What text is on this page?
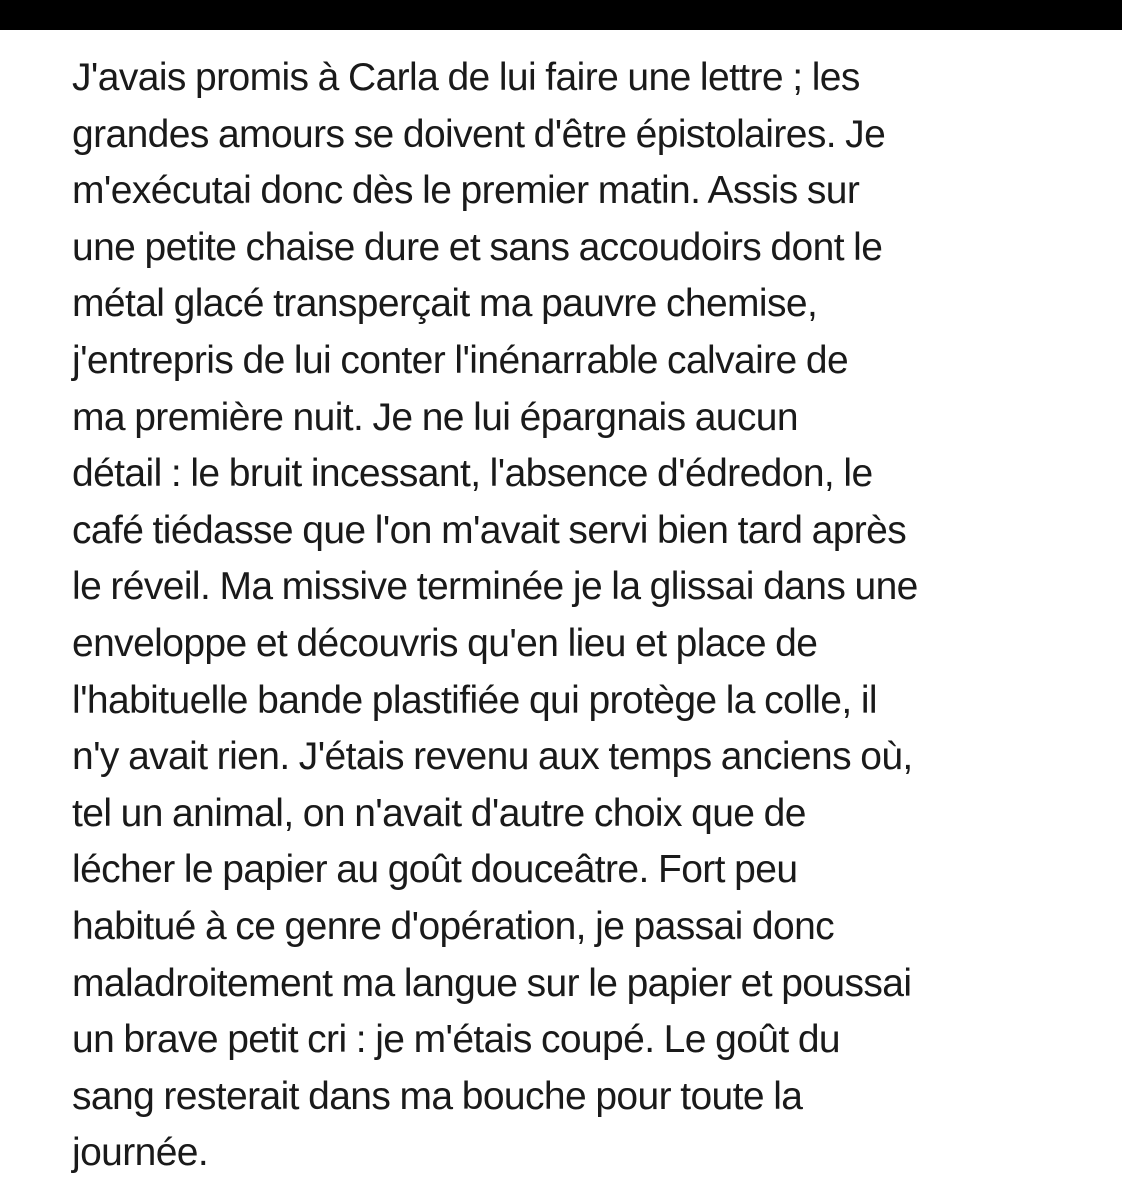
J'avais promis à Carla de lui faire une lettre ; les
grandes amours se doivent d'être épistolaires. Je
m'exécutai donc dès le premier matin. Assis sur
une petite chaise dure et sans accoudoirs dont le
métal glacé transperçait ma pauvre chemise,
j'entrepris de lui conter l'inénarrable calvaire de
ma première nuit. Je ne lui épargnais aucun
détail : le bruit incessant, l'absence d'édredon, le
café tiédasse que l'on m'avait servi bien tard après
le réveil. Ma missive terminée je la glissai dans une
enveloppe et découvris qu'en lieu et place de
l'habituelle bande plastifiée qui protège la colle, il
n'y avait rien. J'étais revenu aux temps anciens où,
tel un animal, on n'avait d'autre choix que de
lécher le papier au goût douceâtre. Fort peu
habitué à ce genre d'opération, je passai donc
maladroitement ma langue sur le papier et poussai
un brave petit cri : je m'étais coupé. Le goût du
sang resterait dans ma bouche pour toute la
journée.
